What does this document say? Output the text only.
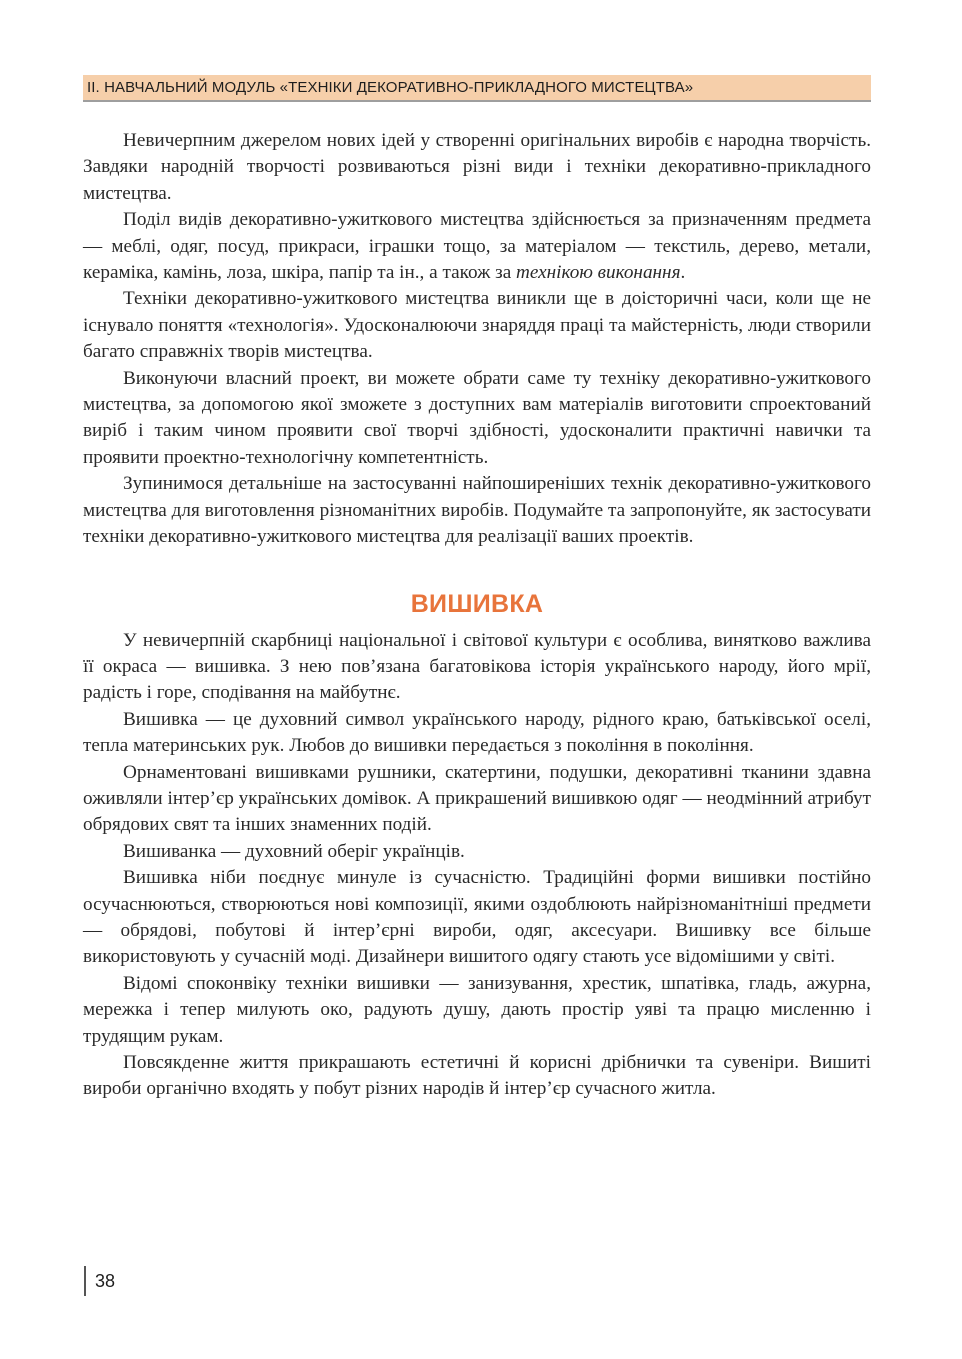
ІІ. НАВЧАЛЬНИЙ МОДУЛЬ «ТЕХНІКИ ДЕКОРАТИВНО-ПРИКЛАДНОГО МИСТЕЦТВА»

Невичерпним джерелом нових ідей у створенні оригінальних виробів є народна творчість. Завдяки народній творчості розвиваються різні види і техніки декоративно-прикладного мистецтва.

Поділ видів декоративно-ужиткового мистецтва здійснюється за призначенням предмета — меблі, одяг, посуд, прикраси, іграшки тощо, за матеріалом — текстиль, дерево, метали, кераміка, камінь, лоза, шкіра, папір та ін., а також за технікою виконання.

Техніки декоративно-ужиткового мистецтва виникли ще в доісторичні часи, коли ще не існувало поняття «технологія». Удосконалюючи знаряддя праці та майстерність, люди створили багато справжніх творів мистецтва.

Виконуючи власний проект, ви можете обрати саме ту техніку декоративно-ужиткового мистецтва, за допомогою якої зможете з доступних вам матеріалів виготовити спроектований виріб і таким чином проявити свої творчі здібності, удосконалити практичні навички та проявити проектно-технологічну компетентність.

Зупинимося детальніше на застосуванні найпоширеніших технік декоративно-ужиткового мистецтва для виготовлення різноманітних виробів. Подумайте та запропонуйте, як застосувати техніки декоративно-ужиткового мистецтва для реалізації ваших проектів.

ВИШИВКА

У невичерпній скарбниці національної і світової культури є особлива, винятково важлива її окраса — вишивка. З нею пов’язана багатовікова історія українського народу, його мрії, радість і горе, сподівання на майбутнє.

Вишивка — це духовний символ українського народу, рідного краю, батьківської оселі, тепла материнських рук. Любов до вишивки передається з покоління в покоління.

Орнаментовані вишивками рушники, скатертини, подушки, декоративні тканини здавна оживляли інтер’єр українських домівок. А прикрашений вишивкою одяг — неодмінний атрибут обрядових свят та інших знаменних подій.

Вишиванка — духовний оберіг українців.

Вишивка ніби поєднує минуле із сучасністю. Традиційні форми вишивки постійно осучаснюються, створюються нові композиції, якими оздоблюють найрізноманітніші предмети — обрядові, побутові й інтер’єрні вироби, одяг, аксесуари. Вишивку все більше використовують у сучасній моді. Дизайнери вишитого одягу стають усе відомішими у світі.

Відомі споконвіку техніки вишивки — занизування, хрестик, шпатівка, гладь, ажурна, мережка і тепер милують око, радують душу, дають простір уяві та працю мисленню і трудящим рукам.

Повсякденне життя прикрашають естетичні й корисні дрібнички та сувеніри. Вишиті вироби органічно входять у побут різних народів й інтер’єр сучасного житла.

38
